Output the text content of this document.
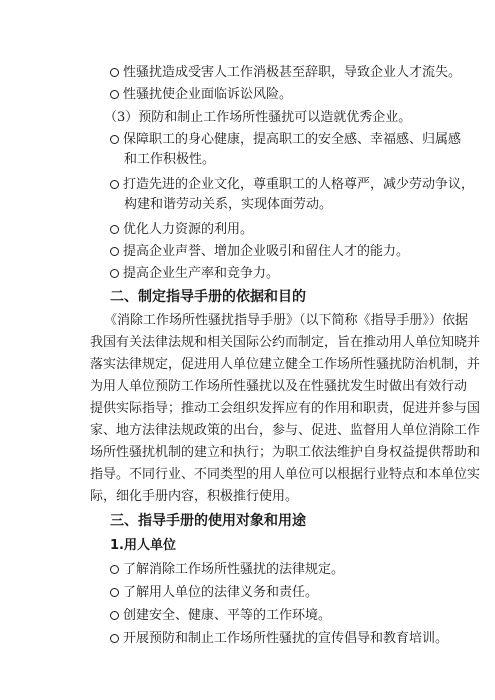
性骚扰造成受害人工作消极甚至辞职，导致企业人才流失。
性骚扰使企业面临诉讼风险。
（3）预防和制止工作场所性骚扰可以造就优秀企业。
保障职工的身心健康，提高职工的安全感、幸福感、归属感
和工作积极性。
打造先进的企业文化，尊重职工的人格尊严，减少劳动争议，
构建和谐劳动关系，实现体面劳动。
优化人力资源的利用。
提高企业声誉、增加企业吸引和留住人才的能力。
提高企业生产率和竞争力。
二、制定指导手册的依据和目的
《消除工作场所性骚扰指导手册》（以下简称《指导手册》）依据
我国有关法律法规和相关国际公约而制定，旨在推动用人单位知晓并
落实法律规定，促进用人单位建立健全工作场所性骚扰防治机制，并
为用人单位预防工作场所性骚扰以及在性骚扰发生时做出有效行动
提供实际指导；推动工会组织发挥应有的作用和职责，促进并参与国
家、地方法律法规政策的出台，参与、促进、监督用人单位消除工作
场所性骚扰机制的建立和执行；为职工依法维护自身权益提供帮助和
指导。不同行业、不同类型的用人单位可以根据行业特点和本单位实
际，细化手册内容，积极推行使用。
三、指导手册的使用对象和用途
1.用人单位
了解消除工作场所性骚扰的法律规定。
了解用人单位的法律义务和责任。
创建安全、健康、平等的工作环境。
开展预防和制止工作场所性骚扰的宣传倡导和教育培训。
